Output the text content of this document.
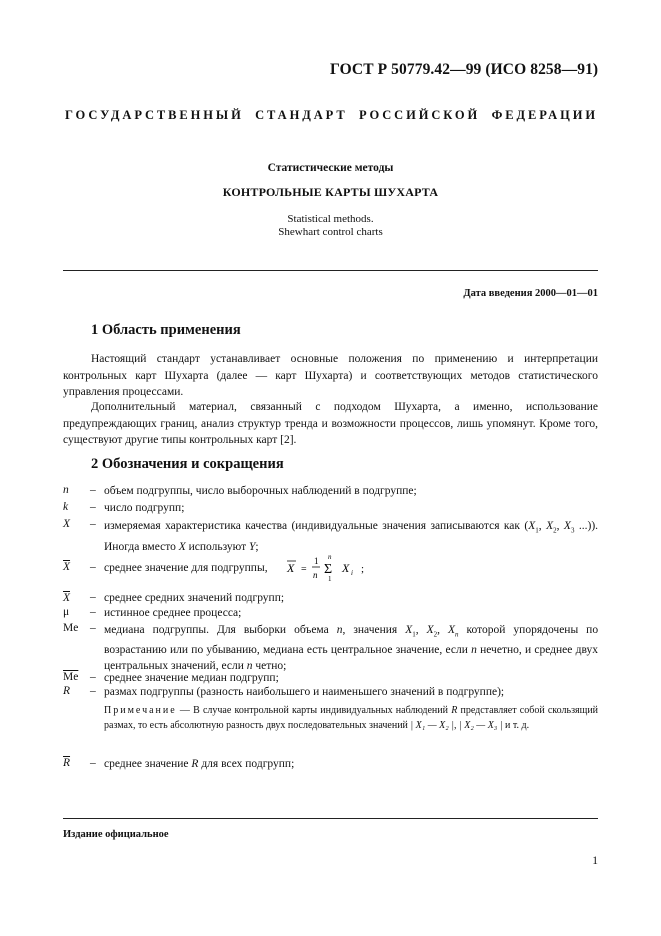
ГОСТ Р 50779.42—99 (ИСО 8258—91)
ГОСУДАРСТВЕННЫЙ СТАНДАРТ РОССИЙСКОЙ ФЕДЕРАЦИИ
Статистические методы
КОНТРОЛЬНЫЕ КАРТЫ ШУХАРТА
Statistical methods.
Shewhart control charts
Дата введения 2000—01—01
1 Область применения

Настоящий стандарт устанавливает основные положения по применению и интерпретации контрольных карт Шухарта (далее — карт Шухарта) и соответствующих методов статистического управления процессами.

Дополнительный материал, связанный с подходом Шухарта, а именно, использование предупреждающих границ, анализ структур тренда и возможности процессов, лишь упомянут. Кроме того, существуют другие типы контрольных карт [2].

2 Обозначения и сокращения
n – объем подгруппы, число выборочных наблюдений в подгруппе;

k – число подгрупп;

X – измеряемая характеристика качества (индивидуальные значения записываются как ($X_1$, $X_2$, $X_3$ ...)). Иногда вместо X используют Y;

$\overline{X}$ – среднее значение для подгруппы, X =
1
n
n
Σ
1
X i ;
X – среднее средних значений подгрупп;

μ – истинное среднее процесса;

Me – медиана подгруппы. Для выборки объема n, значения $X_1$, $X_2$, $X_n$ которой упорядочены по возрастанию или по убыванию, медиана есть центральное значение, если n нечетно, и среднее двух центральных значений, если n четно;

$\overline{Me}$ – среднее значение медиан подгрупп;

R – размах подгруппы (разность наибольшего и наименьшего значений в подгруппе);

Примечание — В случае контрольной карты индивидуальных наблюдений R представляет собой скользящий размах, то есть абсолютную разность двух последовательных значений | X₁ — X₂ |, | X₂ — X₃ | и т. д.
$\overline{R}$ – среднее значение R для всех подгрупп;

Издание официальное
1
